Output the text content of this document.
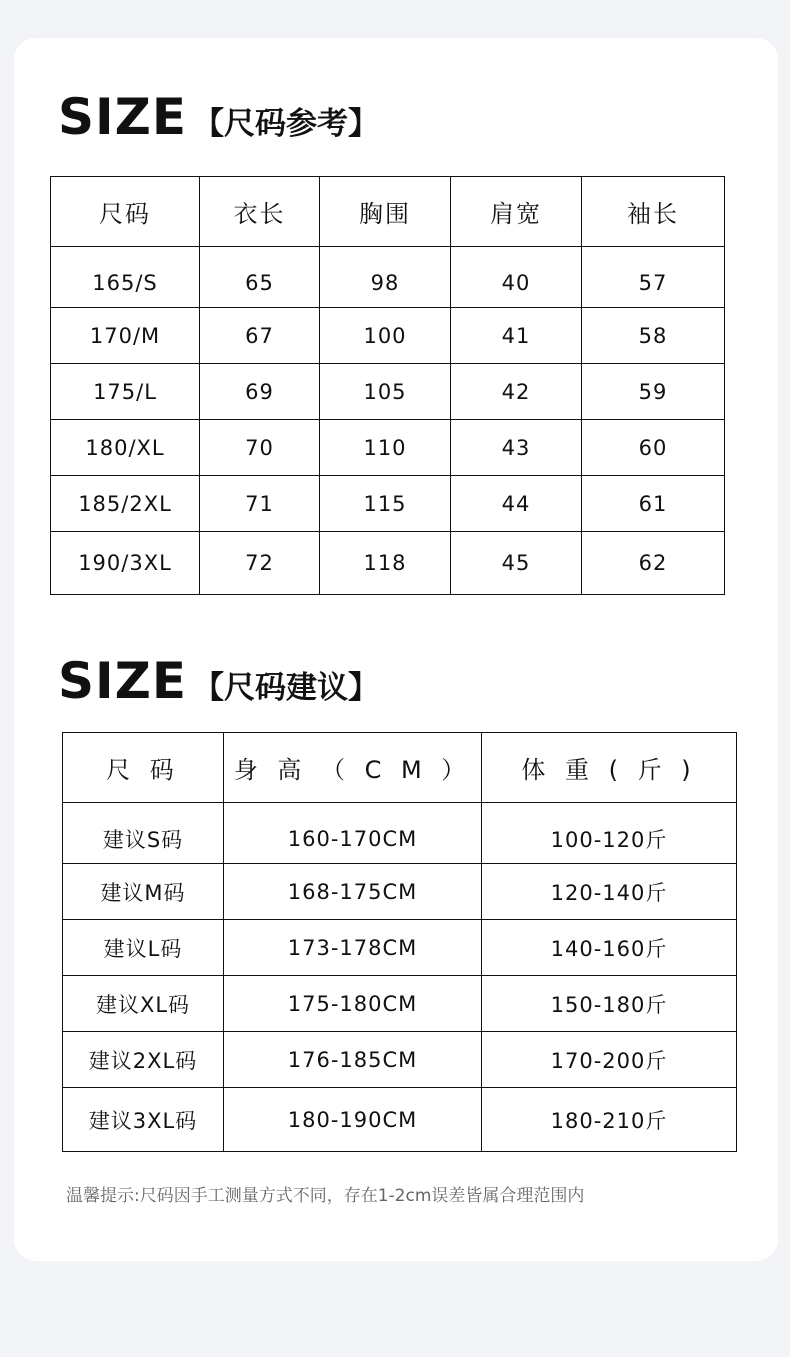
SIZE 【尺码参考】
尺码	衣长	胸围	肩宽	袖长
165/S	65	98	40	57
170/M	67	100	41	58
175/L	69	105	42	59
180/XL	70	110	43	60
185/2XL	71	115	44	61
190/3XL	72	118	45	62
SIZE 【尺码建议】
尺 码	身 高 （ C M ）	体 重 ( 斤 )
建议S码	160-170CM	100-120斤
建议M码	168-175CM	120-140斤
建议L码	173-178CM	140-160斤
建议XL码	175-180CM	150-180斤
建议2XL码	176-185CM	170-200斤
建议3XL码	180-190CM	180-210斤
温馨提示:尺码因手工测量方式不同，存在1-2cm误差皆属合理范围内
